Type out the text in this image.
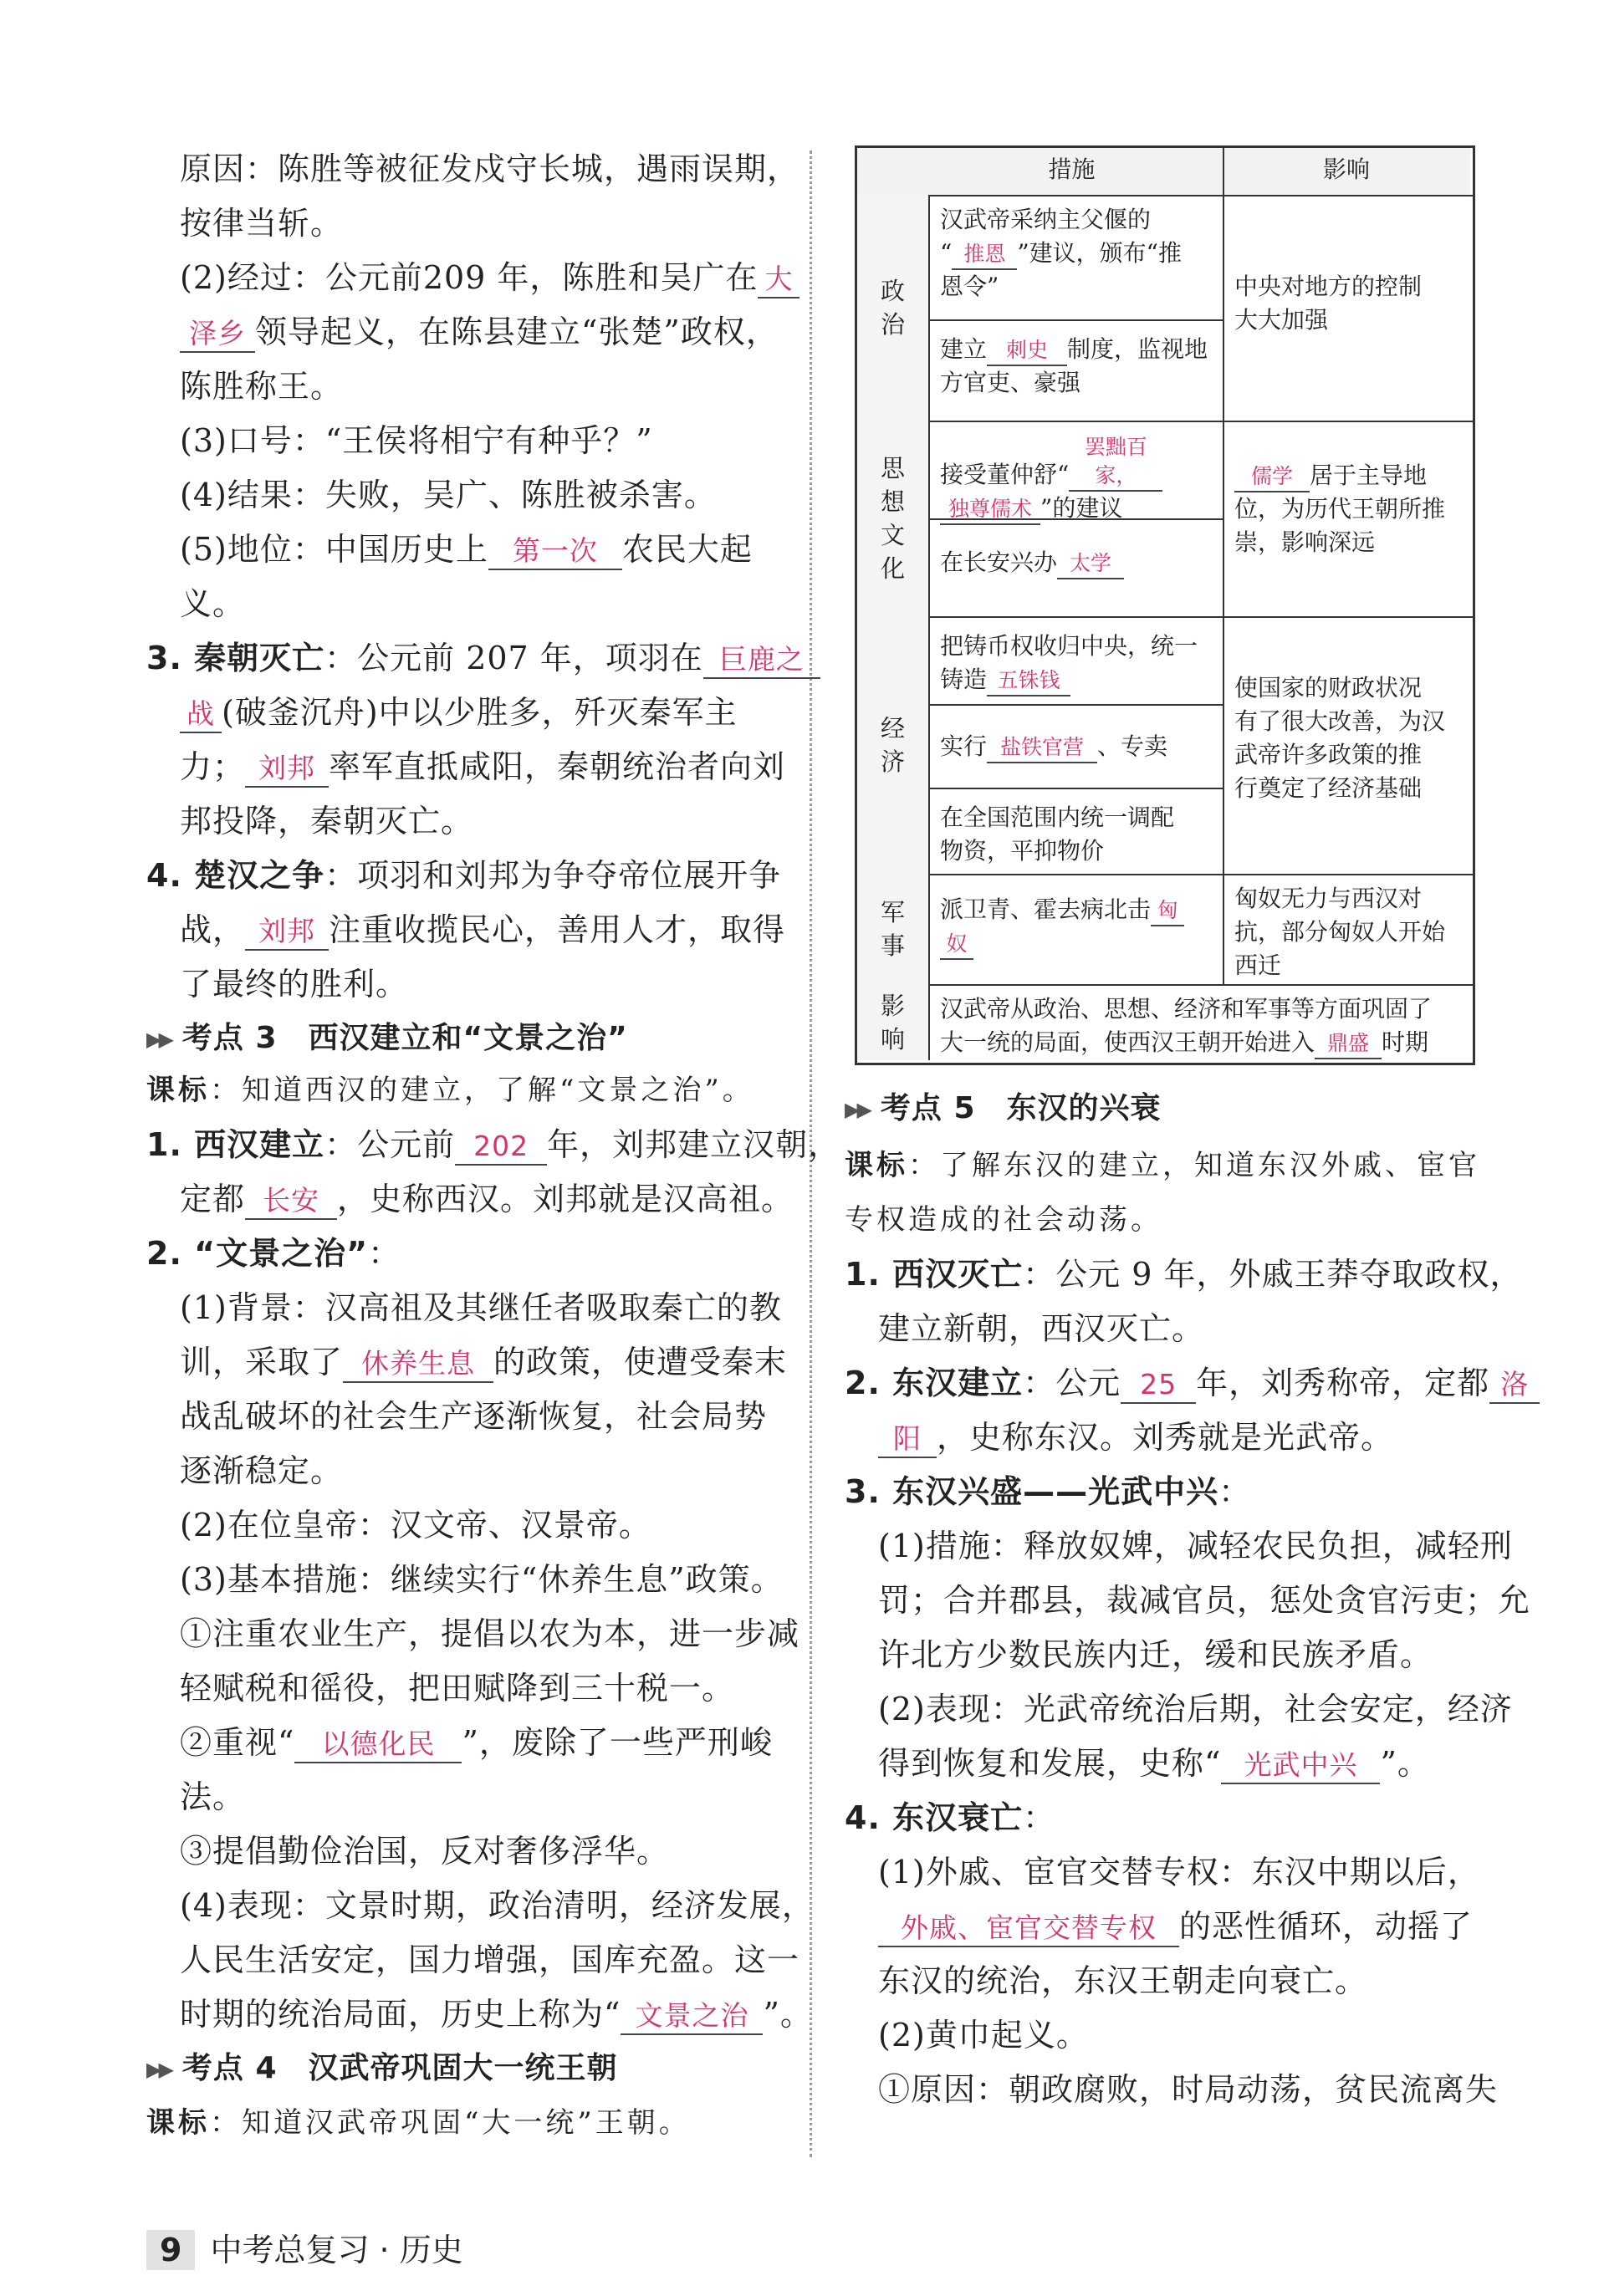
原因：陈胜等被征发戍守长城，遇雨误期，
按律当斩。
(2)经过：公元前209 年，陈胜和吴广在 大
泽乡 领导起义，在陈县建立“张楚”政权，
陈胜称王。
(3)口号：“王侯将相宁有种乎？”
(4)结果：失败，吴广、陈胜被杀害。
(5)地位：中国历史上 第一次 农民大起
义。
3. 秦朝灭亡：公元前 207 年，项羽在 巨鹿之
战 (破釜沉舟)中以少胜多，歼灭秦军主
力； 刘邦 率军直抵咸阳，秦朝统治者向刘
邦投降，秦朝灭亡。
4. 楚汉之争：项羽和刘邦为争夺帝位展开争
战， 刘邦 注重收揽民心，善用人才，取得
了最终的胜利。
▶▶ 考点 3　西汉建立和“文景之治”
课标：知道西汉的建立，了解“文景之治”。
1. 西汉建立：公元前 202 年，刘邦建立汉朝，
定都 长安 ，史称西汉。刘邦就是汉高祖。
2. “文景之治”：
(1)背景：汉高祖及其继任者吸取秦亡的教
训，采取了 休养生息 的政策，使遭受秦末
战乱破坏的社会生产逐渐恢复，社会局势
逐渐稳定。
(2)在位皇帝：汉文帝、汉景帝。
(3)基本措施：继续实行“休养生息”政策。
①注重农业生产，提倡以农为本，进一步减
轻赋税和徭役，把田赋降到三十税一。
②重视“ 以德化民 ”，废除了一些严刑峻
法。
③提倡勤俭治国，反对奢侈浮华。
(4)表现：文景时期，政治清明，经济发展，
人民生活安定，国力增强，国库充盈。这一
时期的统治局面，历史上称为“ 文景之治 ”。
▶▶ 考点 4　汉武帝巩固大一统王朝
课标：知道汉武帝巩固“大一统”王朝。
措施	影响
政治
汉武帝采纳主父偃的
“ 推恩 ”建议，颁布“推
恩令”
建立 刺史 制度，监视地
方官吏、豪强
中央对地方的控制
大大加强
思想
文化
接受董仲舒“罢黜百家，
独尊儒术 ”的建议
在长安兴办 太学
儒学 居于主导地
位，为历代王朝所推
崇，影响深远
经济
把铸币权收归中央，统一
铸造 五铢钱
实行 盐铁官营 、专卖
在全国范围内统一调配
物资，平抑物价
使国家的财政状况
有了很大改善，为汉
武帝许多政策的推
行奠定了经济基础
军事
派卫青、霍去病北击 匈
奴
匈奴无力与西汉对
抗，部分匈奴人开始
西迁
影响
汉武帝从政治、思想、经济和军事等方面巩固了
大一统的局面，使西汉王朝开始进入 鼎盛 时期
▶▶ 考点 5　东汉的兴衰
课标：了解东汉的建立，知道东汉外戚、宦官
专权造成的社会动荡。
1. 西汉灭亡：公元 9 年，外戚王莽夺取政权，
建立新朝，西汉灭亡。
2. 东汉建立：公元 25 年，刘秀称帝，定都 洛
阳 ，史称东汉。刘秀就是光武帝。
3. 东汉兴盛——光武中兴：
(1)措施：释放奴婢，减轻农民负担，减轻刑
罚；合并郡县，裁减官员，惩处贪官污吏；允
许北方少数民族内迁，缓和民族矛盾。
(2)表现：光武帝统治后期，社会安定，经济
得到恢复和发展，史称“ 光武中兴 ”。
4. 东汉衰亡：
(1)外戚、宦官交替专权：东汉中期以后，
外戚、宦官交替专权 的恶性循环，动摇了
东汉的统治，东汉王朝走向衰亡。
(2)黄巾起义。
①原因：朝政腐败，时局动荡，贫民流离失
9 中考总复习 · 历史
